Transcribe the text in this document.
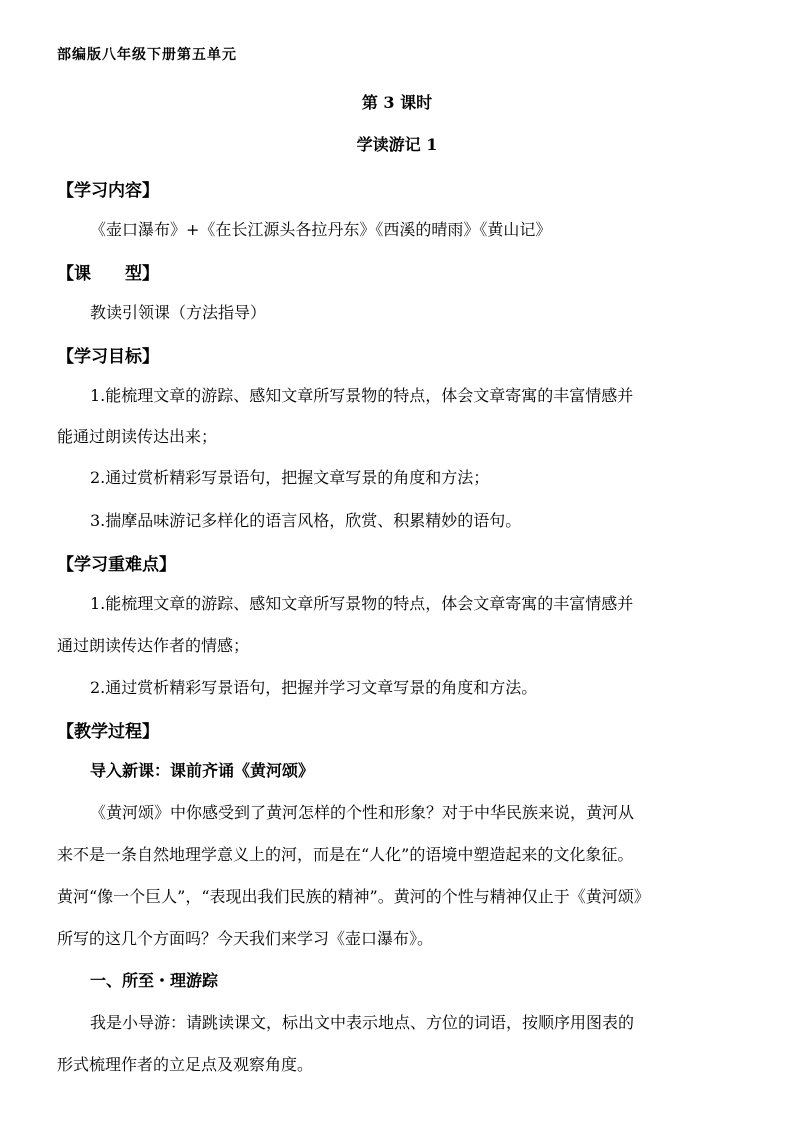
部编版八年级下册第五单元
第 3 课时
学读游记 1
【学习内容】
《壶口瀑布》+《在长江源头各拉丹东》《西溪的晴雨》《黄山记》
【课　　型】
教读引领课（方法指导）
【学习目标】
1.能梳理文章的游踪、感知文章所写景物的特点，体会文章寄寓的丰富情感并
能通过朗读传达出来；
2.通过赏析精彩写景语句，把握文章写景的角度和方法；
3.揣摩品味游记多样化的语言风格，欣赏、积累精妙的语句。
【学习重难点】
1.能梳理文章的游踪、感知文章所写景物的特点，体会文章寄寓的丰富情感并
通过朗读传达作者的情感；
2.通过赏析精彩写景语句，把握并学习文章写景的角度和方法。
【教学过程】
导入新课：课前齐诵《黄河颂》
《黄河颂》中你感受到了黄河怎样的个性和形象？对于中华民族来说，黄河从
来不是一条自然地理学意义上的河，而是在“人化”的语境中塑造起来的文化象征。
黄河“像一个巨人”，“表现出我们民族的精神”。黄河的个性与精神仅止于《黄河颂》
所写的这几个方面吗？今天我们来学习《壶口瀑布》。
一、所至・理游踪
我是小导游：请跳读课文，标出文中表示地点、方位的词语，按顺序用图表的
形式梳理作者的立足点及观察角度。
